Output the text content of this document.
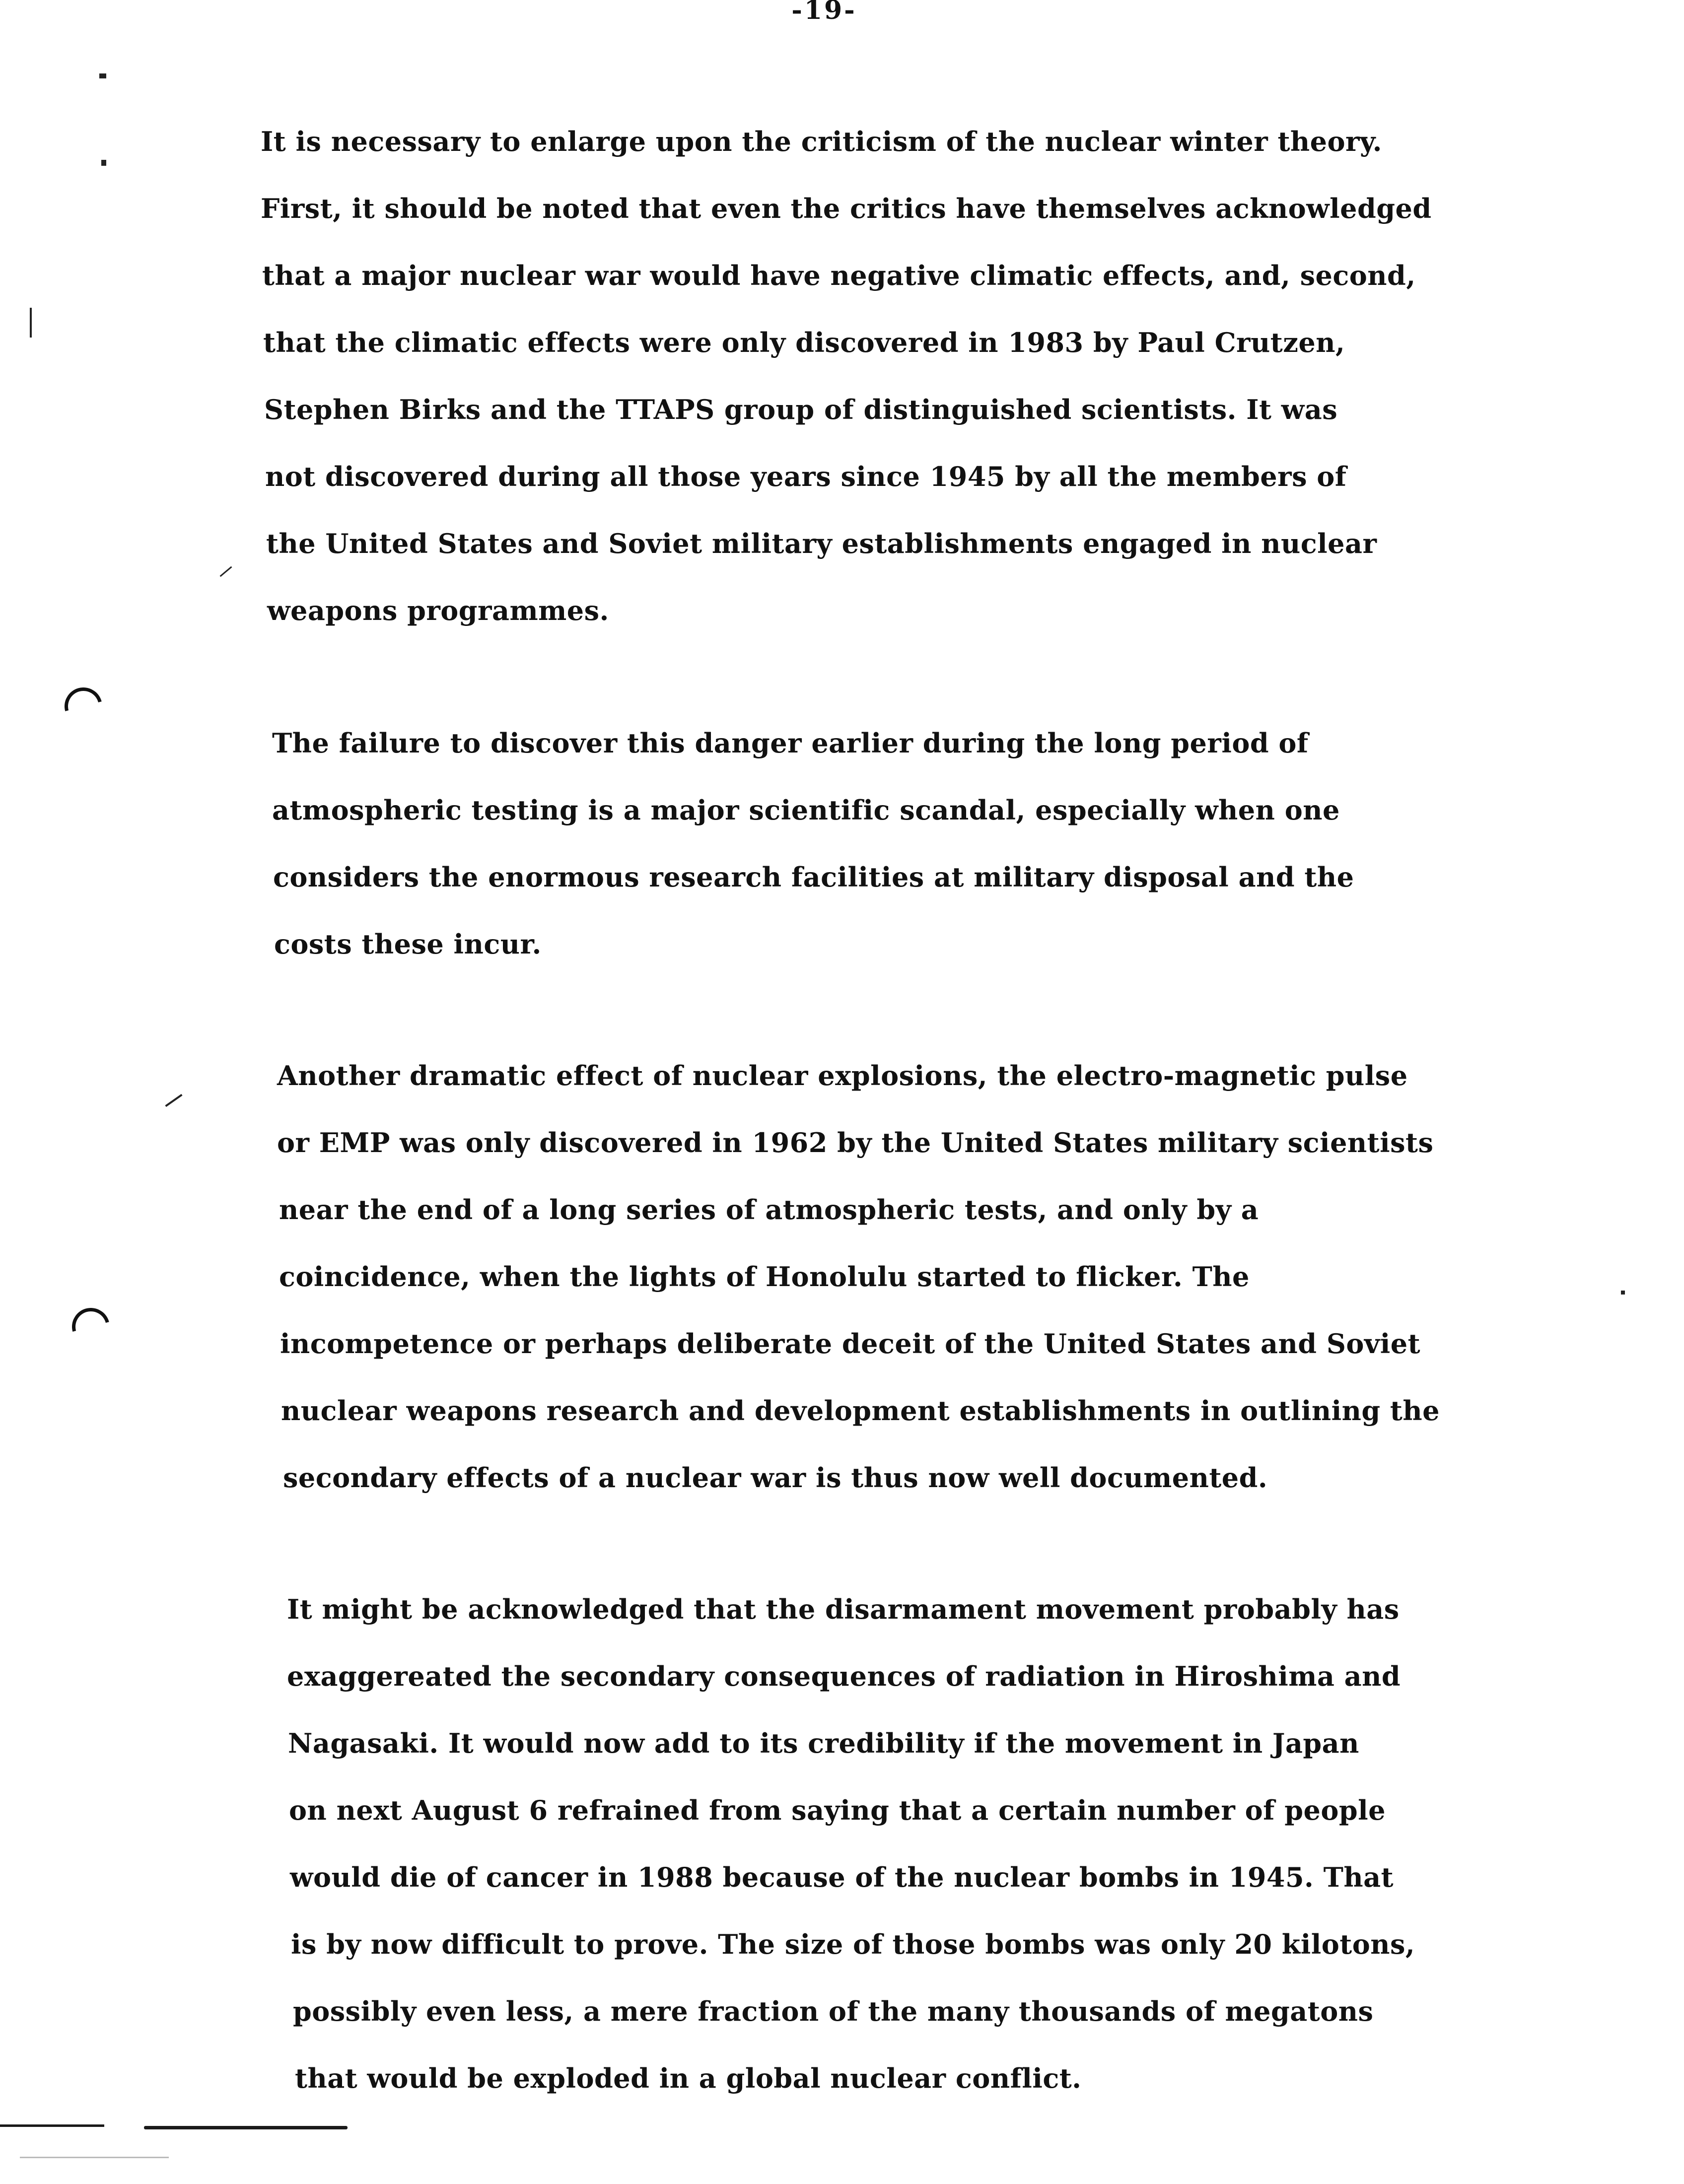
-19-
It is necessary to enlarge upon the criticism of the nuclear winter theory.
First, it should be noted that even the critics have themselves acknowledged
that a major nuclear war would have negative climatic effects, and, second,
that the climatic effects were only discovered in 1983 by Paul Crutzen,
Stephen Birks and the TTAPS group of distinguished scientists. It was
not discovered during all those years since 1945 by all the members of
the United States and Soviet military establishments engaged in nuclear
weapons programmes.
The failure to discover this danger earlier during the long period of
atmospheric testing is a major scientific scandal, especially when one
considers the enormous research facilities at military disposal and the
costs these incur.
Another dramatic effect of nuclear explosions, the electro-magnetic pulse
or EMP was only discovered in 1962 by the United States military scientists
near the end of a long series of atmospheric tests, and only by a
coincidence, when the lights of Honolulu started to flicker. The
incompetence or perhaps deliberate deceit of the United States and Soviet
nuclear weapons research and development establishments in outlining the
secondary effects of a nuclear war is thus now well documented.
It might be acknowledged that the disarmament movement probably has
exaggereated the secondary consequences of radiation in Hiroshima and
Nagasaki. It would now add to its credibility if the movement in Japan
on next August 6 refrained from saying that a certain number of people
would die of cancer in 1988 because of the nuclear bombs in 1945. That
is by now difficult to prove. The size of those bombs was only 20 kilotons,
possibly even less, a mere fraction of the many thousands of megatons
that would be exploded in a global nuclear conflict.
